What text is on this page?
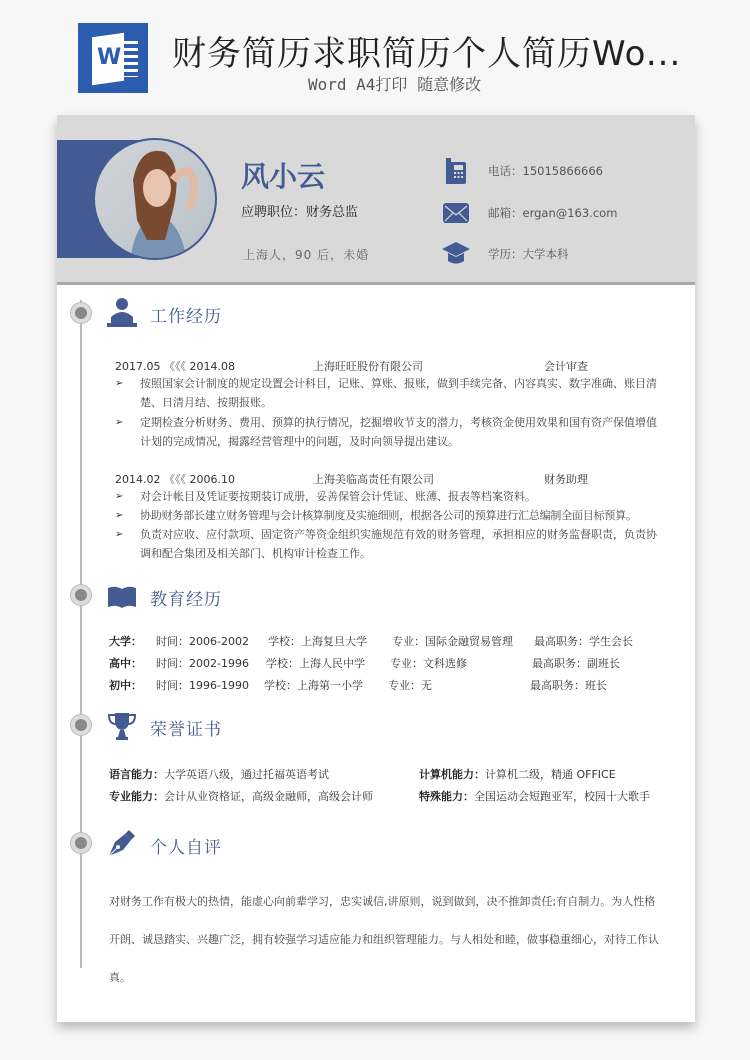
W 财务简历求职简历个人简历Wo...
Word A4打印 随意修改
风小云
应聘职位：财务总监
上海人，90 后，未婚
电话：15015866666
邮箱：ergan@163.com
学历：大学本科
工作经历
2017.05 《《《 2014.08	上海旺旺股份有限公司	会计审查
➢ 按照国家会计制度的规定设置会计科目，记账、算账、报账，做到手续完备、内容真实、数字准确、账目清楚、日清月结、按期报账。
➢ 定期检查分析财务、费用、预算的执行情况，挖掘增收节支的潜力，考核资金使用效果和国有资产保值增值计划的完成情况，揭露经营管理中的问题，及时向领导提出建议。
2014.02 《《《 2006.10	上海美临高责任有限公司	财务助理
➢ 对会计帐目及凭证要按期装订成册，妥善保管会计凭证、账薄、报表等档案资料。
➢ 协助财务部长建立财务管理与会计核算制度及实施细则，根据各公司的预算进行汇总编制全面目标预算。
➢ 负责对应收、应付款项、固定资产等资金组织实施规范有效的财务管理，承担相应的财务监督职责，负责协调和配合集团及相关部门、机构审计检查工作。
教育经历
大学： 时间：2006-2002 学校：上海复旦大学 专业：国际金融贸易管理 最高职务：学生会长
高中： 时间：2002-1996 学校：上海人民中学 专业：文科选修	最高职务：副班长
初中： 时间：1996-1990 学校：上海第一小学 专业：无	最高职务：班长
荣誉证书
语言能力：大学英语八级，通过托福英语考试	计算机能力：计算机二级，精通 OFFICE
专业能力：会计从业资格证，高级金融师，高级会计师	特殊能力：全国运动会短跑亚军，校园十大歌手
个人自评
对财务工作有极大的热情，能虚心向前辈学习，忠实诚信,讲原则，说到做到，决不推卸责任;有自制力。为人性格开朗、诚恳踏实、兴趣广泛，拥有较强学习适应能力和组织管理能力。与人相处和睦，做事稳重细心，对待工作认真。
